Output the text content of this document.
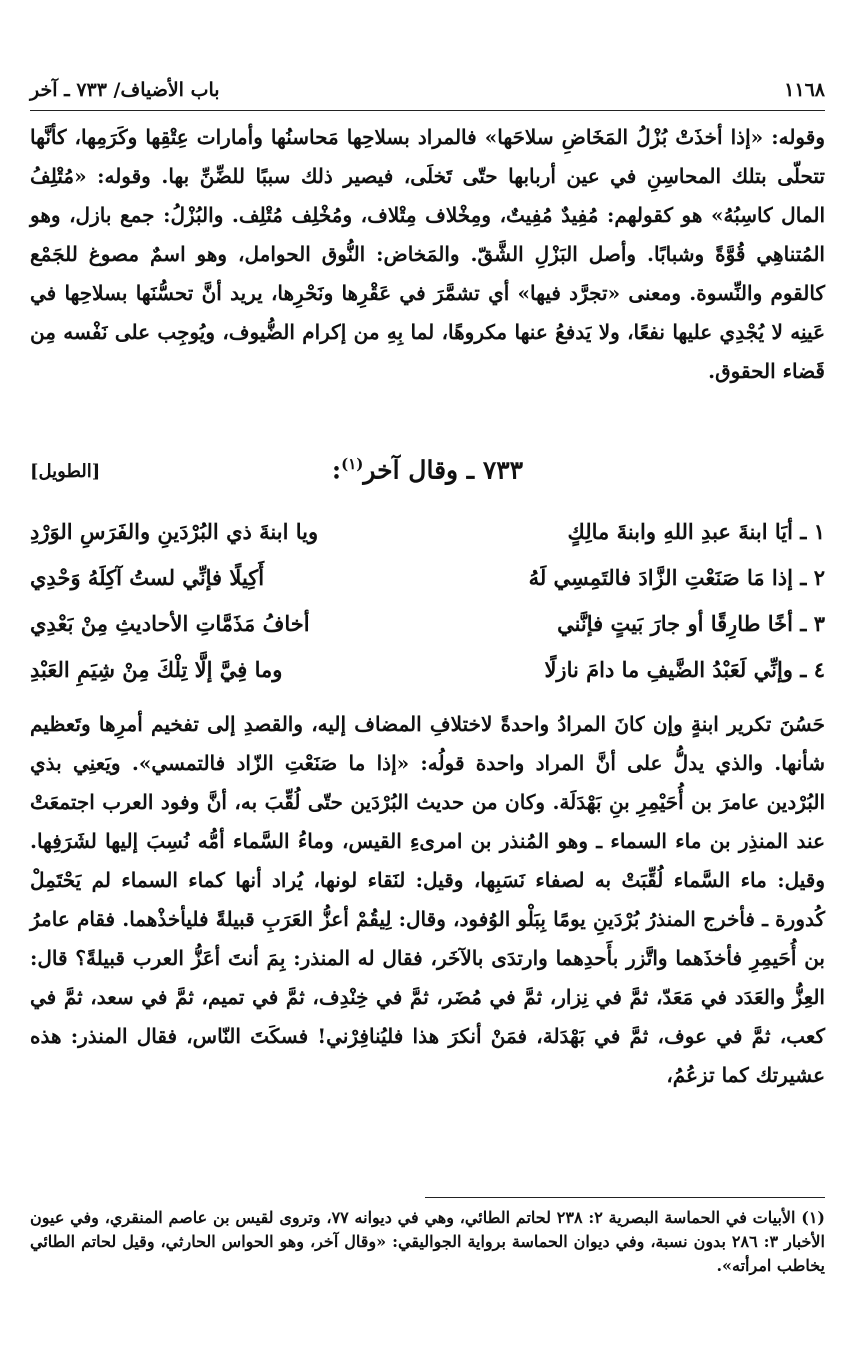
١١٦٨
باب الأضياف/ ٧٣٣ ـ آخر

وقوله: «إذا أخذَتْ بُزْلُ المَخَاضِ سلاحَها» فالمراد بسلاحِها مَحاسنُها وأمارات عِتْقِها وكَرَمِها، كأنَّها تتحلّى بتلك المحاسِنِ في عين أربابها حتّى تَخلَى، فيصير ذلك سببًا للضِّنِّ بها. وقوله: «مُتْلِفُ المال كاسِبُهُ» هو كقولهم: مُفِيدٌ مُفِيتٌ، ومِخْلاف مِتْلاف، ومُخْلِف مُتْلِف. والبُزْلُ: جمع بازل، وهو المُتناهِي قُوَّةً وشبابًا. وأصل البَزْلِ الشَّقّ. والمَخاض: النُّوق الحوامل، وهو اسمٌ مصوغ للجَمْع كالقوم والنِّسوة. ومعنى «تجرَّد فيها» أي تشمَّرَ في عَقْرِها ونَحْرِها، يريد أنَّ تحسُّنَها بسلاحِها في عَينِه لا يُجْدِي عليها نفعًا، ولا يَدفعُ عنها مكروهًا، لما بِهِ من إكرام الضُّيوف، ويُوجِب على نَفْسه مِن قَضاء الحقوق.

٧٣٣ ـ وقال آخر$^{(١)}$:
[الطويل]
١ ـ أيَا ابنةَ عبدِ اللهِ وابنةَ مالِكٍ
ويا ابنةَ ذي البُرْدَينِ والفَرَسِ الوَرْدِ
٢ ـ إذا مَا صَنَعْتِ الزَّادَ فالتَمِسِي لَهُ
أَكِيلًا فإنِّي لستُ آكِلَهُ وَحْدِي
٣ ـ أخًا طارِقًا أو جارَ بَيتٍ فإنَّني
أخافُ مَذَمَّاتِ الأحاديثِ مِنْ بَعْدِي
٤ ـ وإنِّي لَعَبْدُ الضَّيفِ ما دامَ نازلًا
وما فِيَّ إلَّا تِلْكَ مِنْ شِيَمِ العَبْدِ

حَسُنَ تكرير ابنةٍ وإن كانَ المرادُ واحدةً لاختلافِ المضاف إليه، والقصدِ إلى تفخيم أمرِها وتَعظيم شأنها. والذي يدلُّ على أنَّ المراد واحدة قولُه: «إذا ما صَنَعْتِ الزّاد فالتمسي». ويَعنِي بذي البُرْدين عامرَ بن أُحَيْمِرِ بنِ بَهْدَلَة. وكان من حديث البُرْدَين حتّى لُقِّبَ به، أنَّ وفود العرب اجتمعَتْ عند المنذِر بن ماء السماء ـ وهو المُنذر بن امرىءِ القيس، وماءُ السَّماء أمُّه نُسِبَ إليها لشَرَفِها. وقيل: ماء السَّماء لُقِّبَتْ به لصفاء نَسَبِها، وقيل: لنَقاء لونها، يُراد أنها كماء السماء لم يَحْتَمِلْ كُدورة ـ فأخرج المنذرُ بُرْدَينِ يومًا بِبَلْو الوُفود، وقال: لِيقُمْ أعزُّ العَرَبِ قبيلةً فليأخذْهما. فقام عامرُ بن أُحَيمِرِ فأخذَهما واتَّزر بأَحدِهما وارتدَى بالآخَر، فقال له المنذر: بِمَ أنتَ أعَزُّ العرب قبيلةً؟ قال: العِزُّ والعَدَد في مَعَدّ، ثمَّ في نِزار، ثمَّ في مُضَر، ثمَّ في خِنْدِف، ثمَّ في تميم، ثمَّ في سعد، ثمَّ في كعب، ثمَّ في عوف، ثمَّ في بَهْدَلة، فمَنْ أنكرَ هذا فليُنافِرْني! فسكَتَ النّاس، فقال المنذر: هذه عشيرتك كما تزعُمُ،

(١) الأبيات في الحماسة البصرية ٢: ٢٣٨ لحاتم الطائي، وهي في ديوانه ٧٧، وتروى لقيس بن عاصم المنقري، وفي عيون الأخبار ٣: ٢٨٦ بدون نسبة، وفي ديوان الحماسة برواية الجواليقي: «وقال آخر، وهو الحواس الحارثي، وقيل لحاتم الطائي يخاطب امرأته».
